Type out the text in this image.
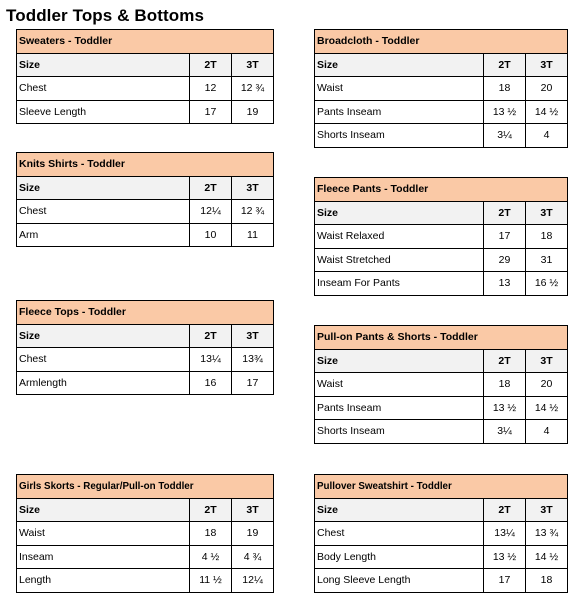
Toddler Tops & Bottoms
Sweaters - Toddler		
Size	2T	3T
Chest	12	12 ¾
Sleeve Length	17	19
Knits Shirts - Toddler		
Size	2T	3T
Chest	12¼	12 ¾
Arm	10	11
Fleece Tops - Toddler		
Size	2T	3T
Chest	13¼	13¾
Armlength	16	17
Girls Skorts - Regular/Pull-on Toddler		
Size	2T	3T
Waist	18	19
Inseam	4 ½	4 ¾
Length	11 ½	12¼
Broadcloth - Toddler		
Size	2T	3T
Waist	18	20
Pants Inseam	13 ½	14 ½
Shorts Inseam	3¼	4
Fleece Pants - Toddler		
Size	2T	3T
Waist Relaxed	17	18
Waist Stretched	29	31
Inseam For Pants	13	16 ½
Pull-on Pants & Shorts - Toddler		
Size	2T	3T
Waist	18	20
Pants Inseam	13 ½	14 ½
Shorts Inseam	3¼	4
Pullover Sweatshirt - Toddler		
Size	2T	3T
Chest	13¼	13 ¾
Body Length	13 ½	14 ½
Long Sleeve Length	17	18
